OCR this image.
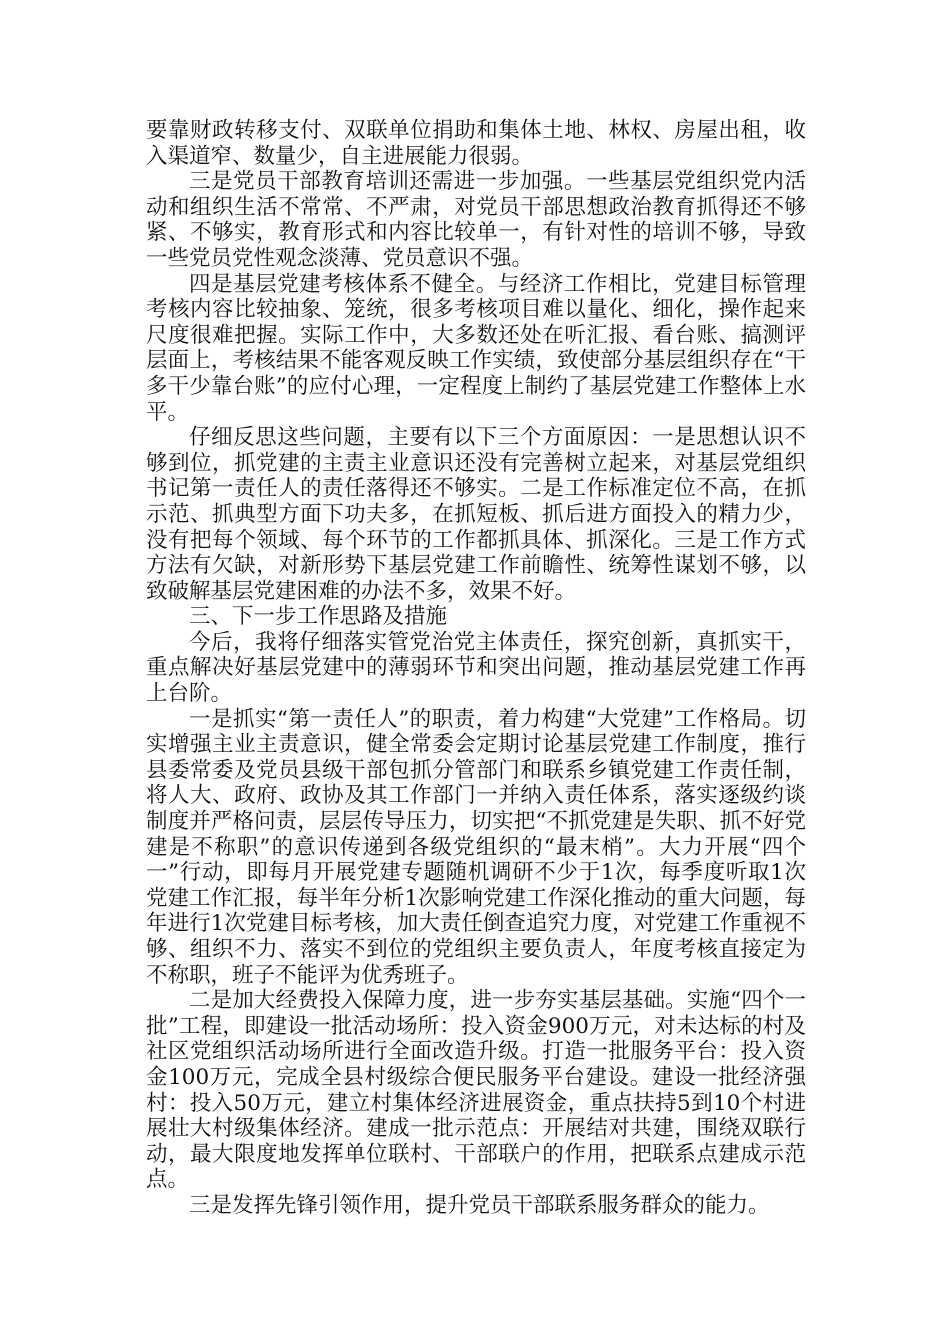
要靠财政转移支付、双联单位捐助和集体土地、林权、房屋出租，收入渠道窄、数量少，自主进展能力很弱。

三是党员干部教育培训还需进一步加强。一些基层党组织党内活动和组织生活不常常、不严肃，对党员干部思想政治教育抓得还不够紧、不够实，教育形式和内容比较单一，有针对性的培训不够，导致一些党员党性观念淡薄、党员意识不强。

四是基层党建考核体系不健全。与经济工作相比，党建目标管理考核内容比较抽象、笼统，很多考核项目难以量化、细化，操作起来尺度很难把握。实际工作中，大多数还处在听汇报、看台账、搞测评层面上，考核结果不能客观反映工作实绩，致使部分基层组织存在“干多干少靠台账”的应付心理，一定程度上制约了基层党建工作整体上水平。

仔细反思这些问题，主要有以下三个方面原因：一是思想认识不够到位，抓党建的主责主业意识还没有完善树立起来，对基层党组织书记第一责任人的责任落得还不够实。二是工作标准定位不高，在抓示范、抓典型方面下功夫多，在抓短板、抓后进方面投入的精力少，没有把每个领域、每个环节的工作都抓具体、抓深化。三是工作方式方法有欠缺，对新形势下基层党建工作前瞻性、统筹性谋划不够，以致破解基层党建困难的办法不多，效果不好。

三、下一步工作思路及措施

今后，我将仔细落实管党治党主体责任，探究创新，真抓实干，重点解决好基层党建中的薄弱环节和突出问题，推动基层党建工作再上台阶。

一是抓实“第一责任人”的职责，着力构建“大党建”工作格局。切实增强主业主责意识，健全常委会定期讨论基层党建工作制度，推行县委常委及党员县级干部包抓分管部门和联系乡镇党建工作责任制，将人大、政府、政协及其工作部门一并纳入责任体系，落实逐级约谈制度并严格问责，层层传导压力，切实把“不抓党建是失职、抓不好党建是不称职”的意识传递到各级党组织的“最末梢”。大力开展“四个一”行动，即每月开展党建专题随机调研不少于1次，每季度听取1次党建工作汇报，每半年分析1次影响党建工作深化推动的重大问题，每年进行1次党建目标考核，加大责任倒查追究力度，对党建工作重视不够、组织不力、落实不到位的党组织主要负责人，年度考核直接定为不称职，班子不能评为优秀班子。

二是加大经费投入保障力度，进一步夯实基层基础。实施“四个一批”工程，即建设一批活动场所：投入资金900万元，对未达标的村及社区党组织活动场所进行全面改造升级。打造一批服务平台：投入资金100万元，完成全县村级综合便民服务平台建设。建设一批经济强村：投入50万元，建立村集体经济进展资金，重点扶持5到10个村进展壮大村级集体经济。建成一批示范点：开展结对共建，围绕双联行动，最大限度地发挥单位联村、干部联户的作用，把联系点建成示范点。

三是发挥先锋引领作用，提升党员干部联系服务群众的能力。
